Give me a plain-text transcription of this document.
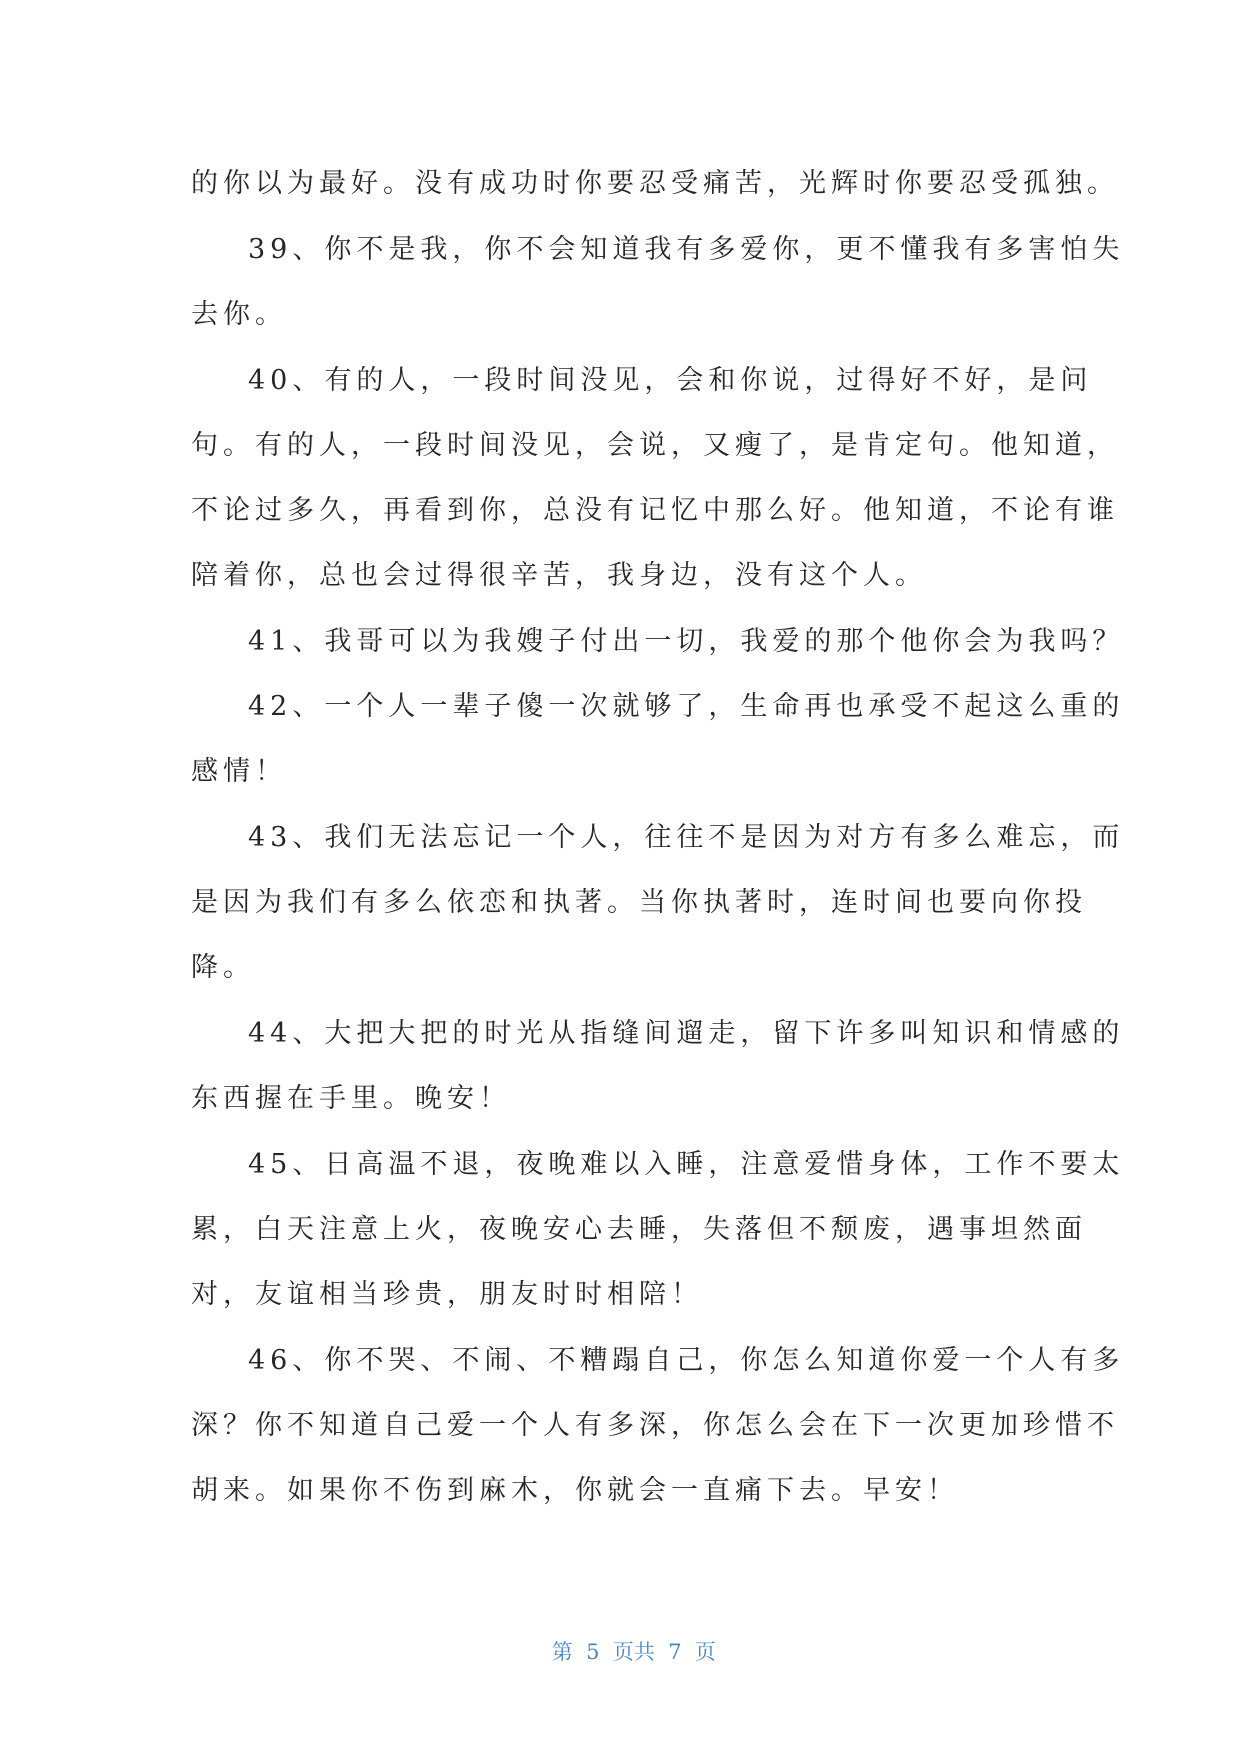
的你以为最好。没有成功时你要忍受痛苦，光辉时你要忍受孤独。
39、你不是我，你不会知道我有多爱你，更不懂我有多害怕失
去你。
40、有的人，一段时间没见，会和你说，过得好不好，是问
句。有的人，一段时间没见，会说，又瘦了，是肯定句。他知道，
不论过多久，再看到你，总没有记忆中那么好。他知道，不论有谁
陪着你，总也会过得很辛苦，我身边，没有这个人。
41、我哥可以为我嫂子付出一切，我爱的那个他你会为我吗？
42、一个人一辈子傻一次就够了，生命再也承受不起这么重的
感情！
43、我们无法忘记一个人，往往不是因为对方有多么难忘，而
是因为我们有多么依恋和执著。当你执著时，连时间也要向你投
降。
44、大把大把的时光从指缝间遛走，留下许多叫知识和情感的
东西握在手里。晚安！
45、日高温不退，夜晚难以入睡，注意爱惜身体，工作不要太
累，白天注意上火，夜晚安心去睡，失落但不颓废，遇事坦然面
对，友谊相当珍贵，朋友时时相陪！
46、你不哭、不闹、不糟蹋自己，你怎么知道你爱一个人有多
深？你不知道自己爱一个人有多深，你怎么会在下一次更加珍惜不
胡来。如果你不伤到麻木，你就会一直痛下去。早安！

第  5  页共  7  页
